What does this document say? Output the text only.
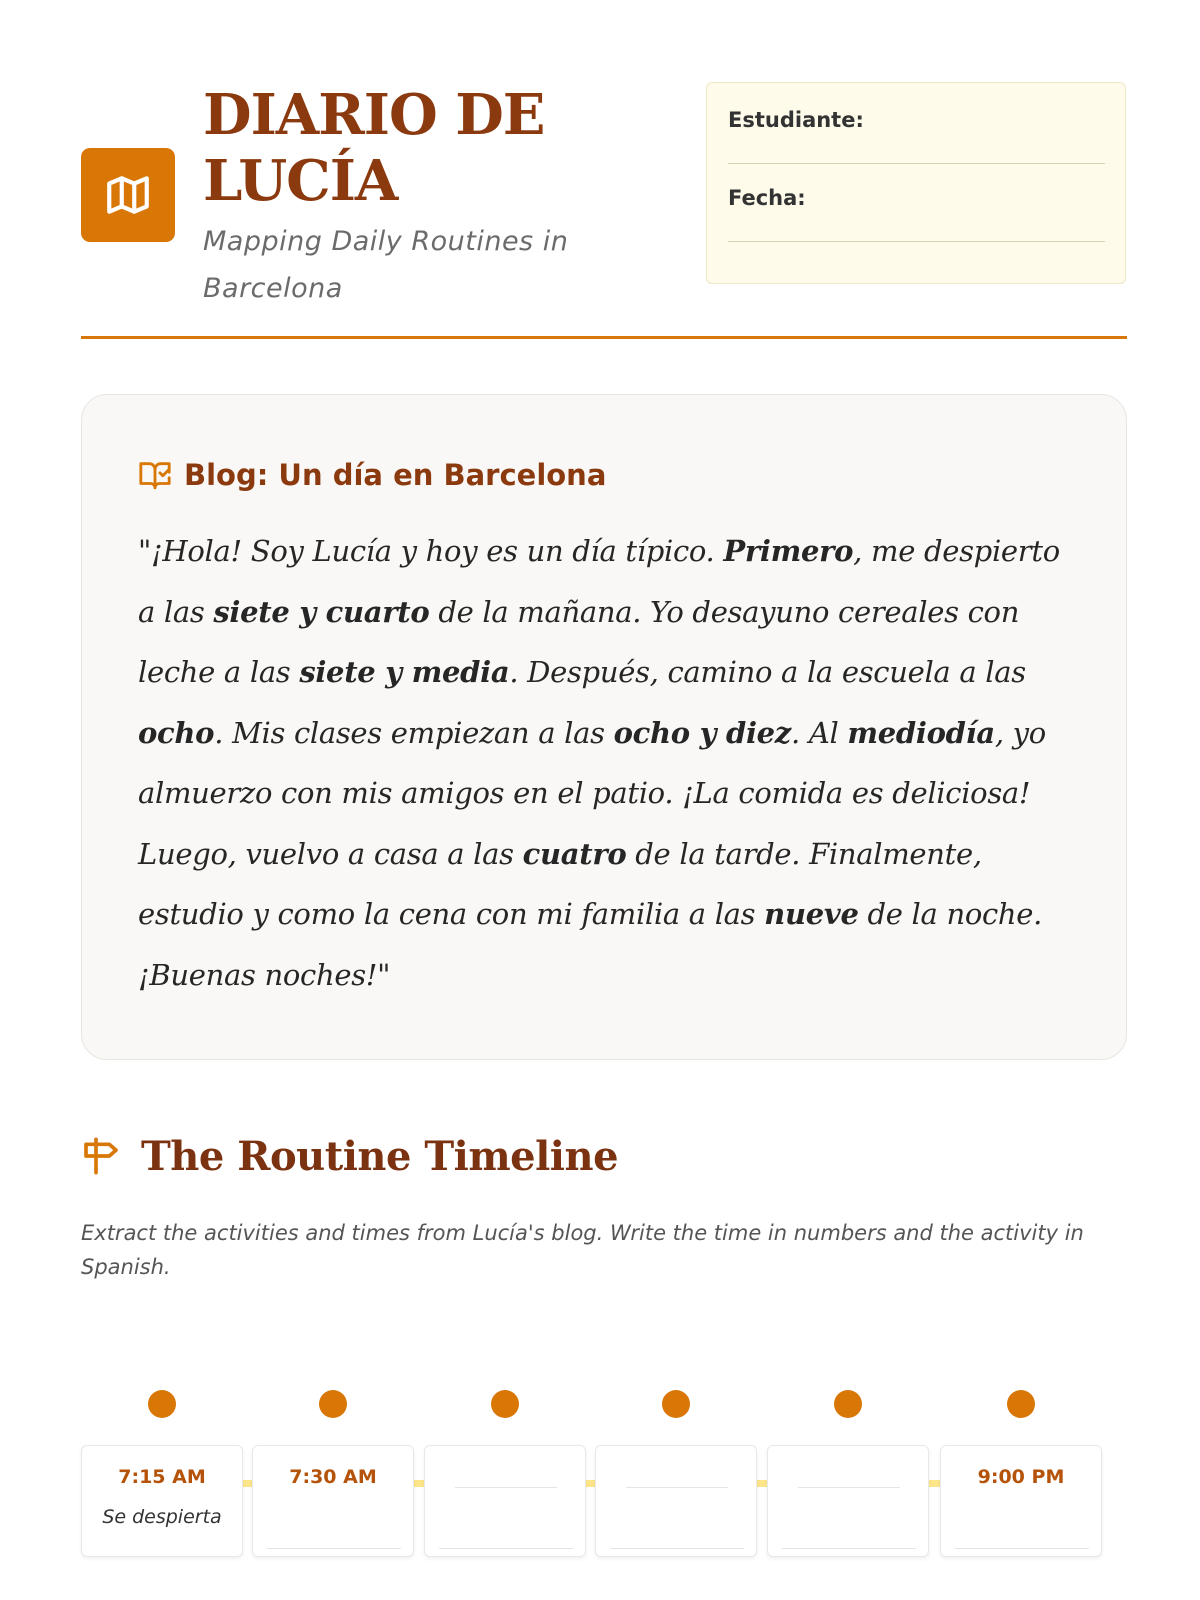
DIARIO DE LUCÍA

Mapping Daily Routines in Barcelona

Estudiante:
Fecha:
Blog: Un día en Barcelona

"¡Hola! Soy Lucía y hoy es un día típico. Primero, me despierto a las siete y cuarto de la mañana. Yo desayuno cereales con leche a las siete y media. Después, camino a la escuela a las ocho. Mis clases empiezan a las ocho y diez. Al mediodía, yo almuerzo con mis amigos en el patio. ¡La comida es deliciosa! Luego, vuelvo a casa a las cuatro de la tarde. Finalmente, estudio y como la cena con mi familia a las nueve de la noche. ¡Buenas noches!"

The Routine Timeline

Extract the activities and times from Lucía's blog. Write the time in numbers and the activity in Spanish.

7:15 AM
Se despierta
7:30 AM	9:00 PM
